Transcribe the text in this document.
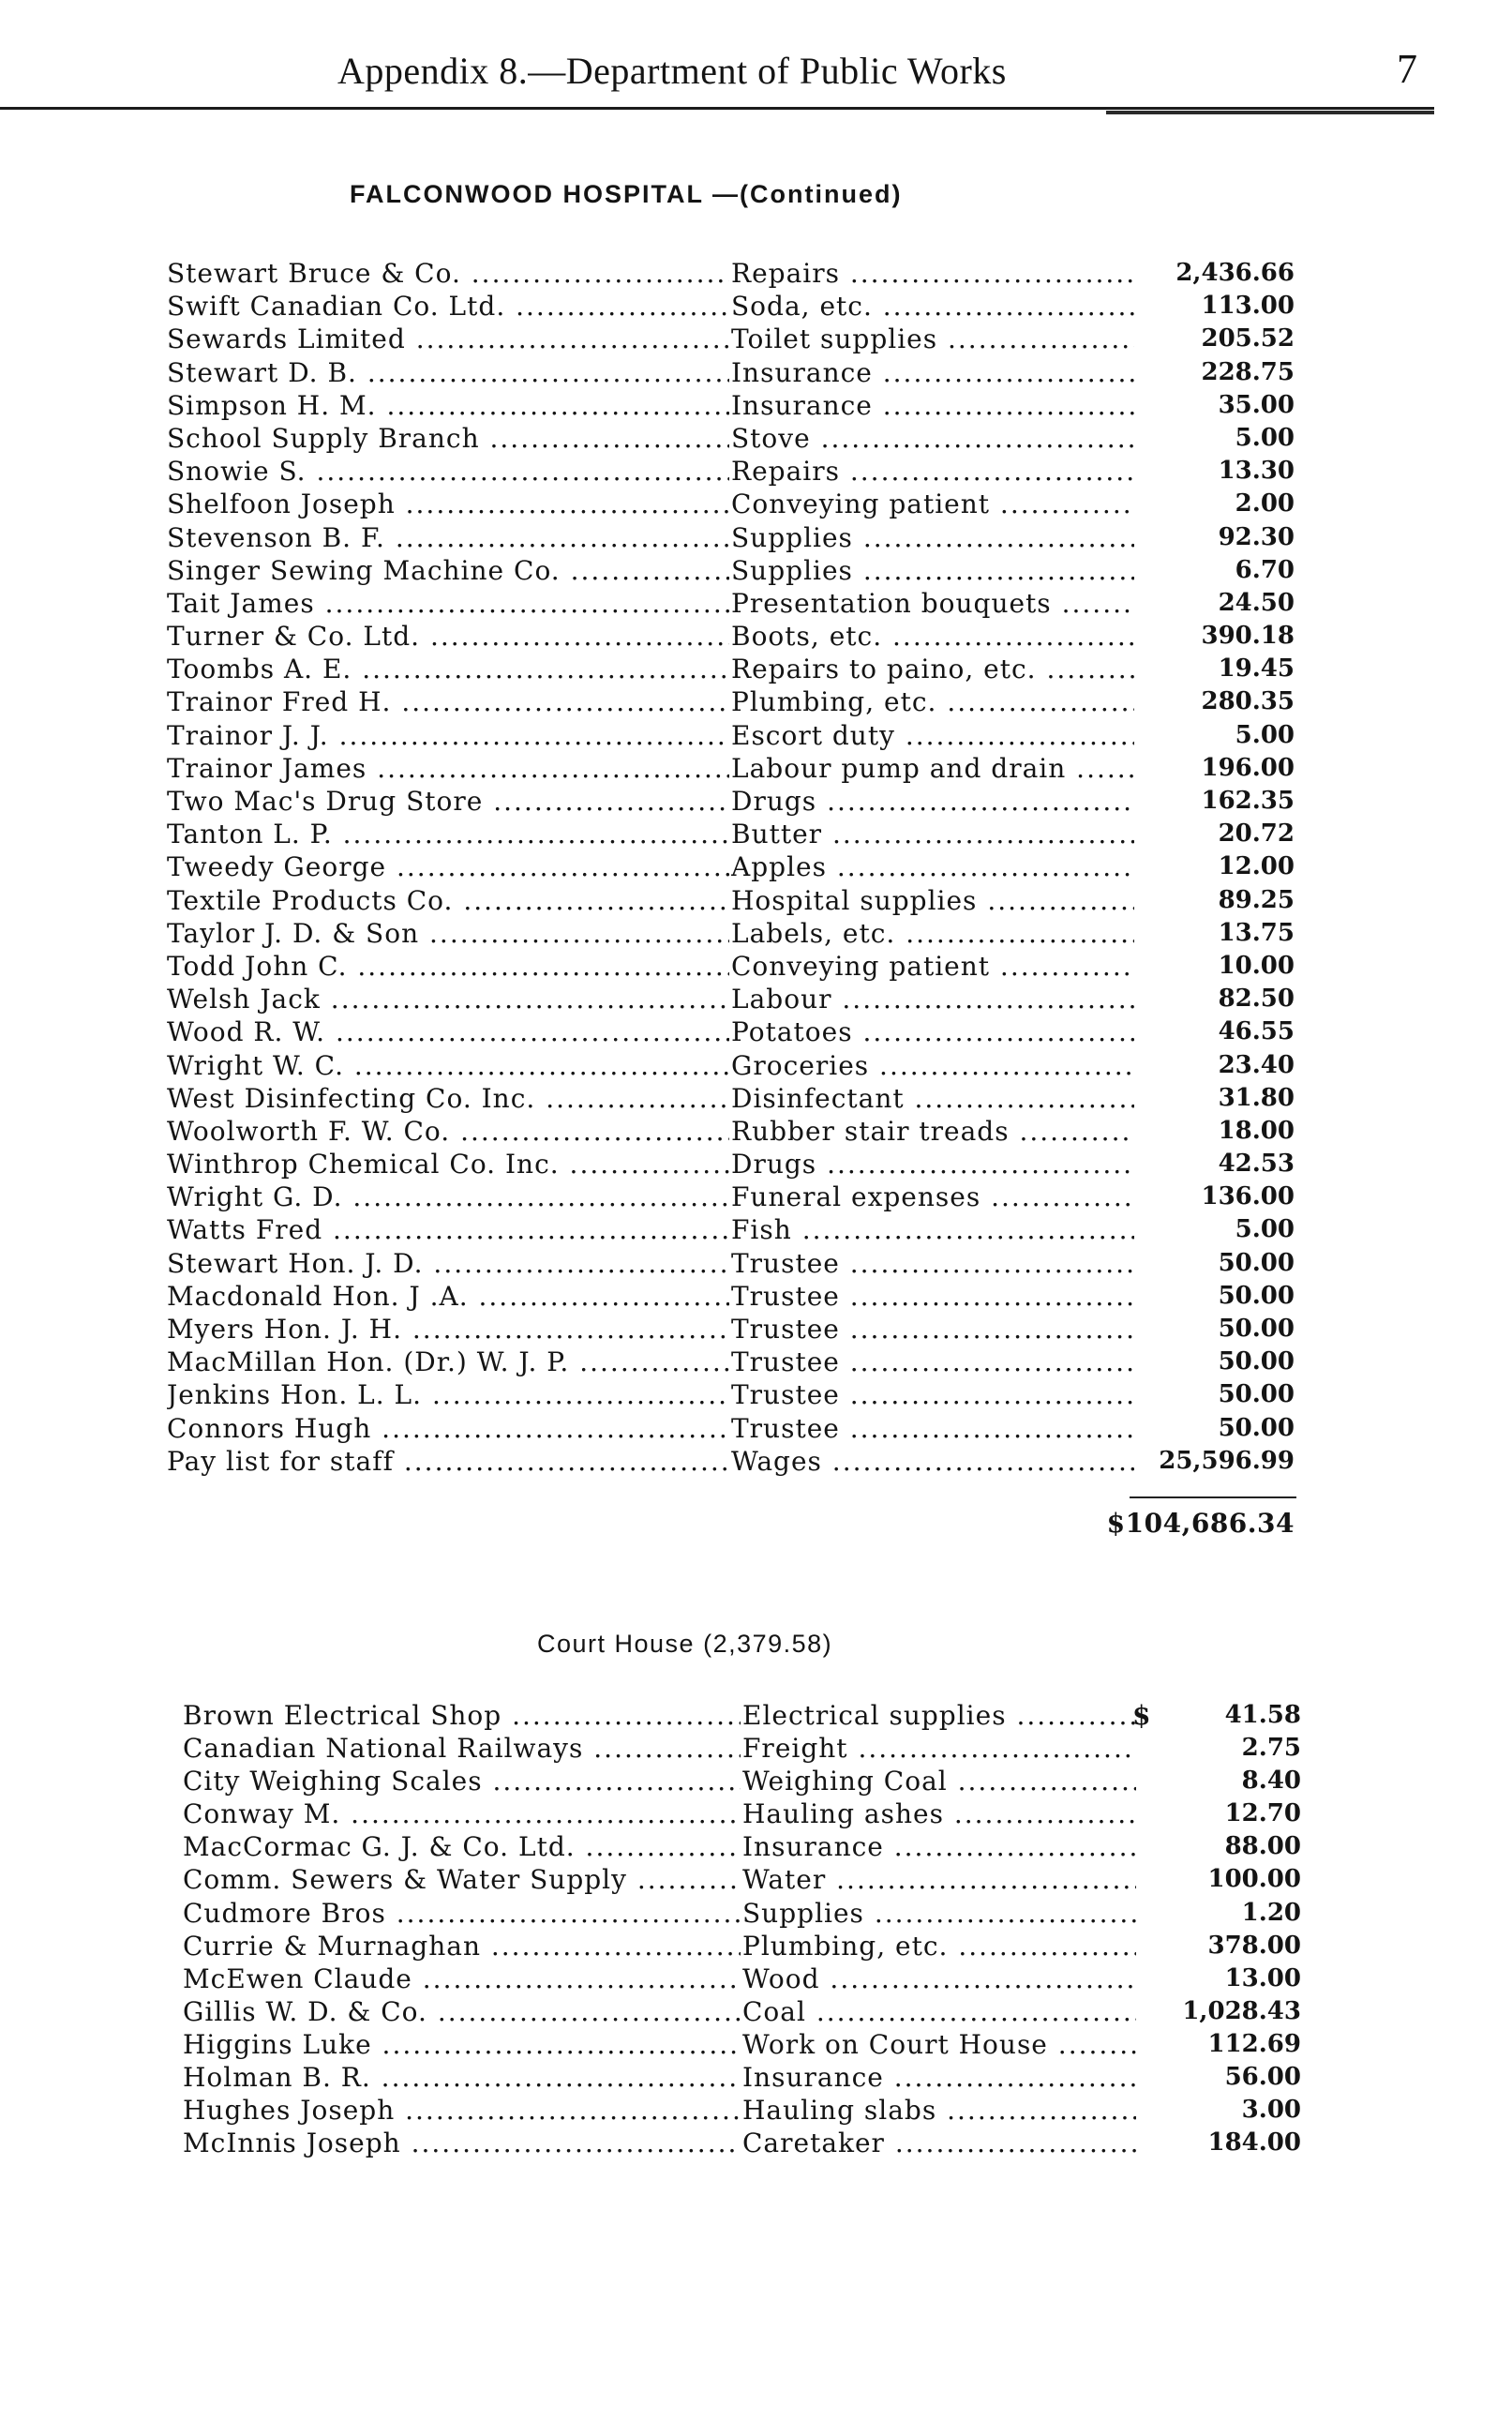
Appendix 8.—Department of Public Works	7
FALCONWOOD HOSPITAL —(Continued)
Stewart Bruce & Co. .....	Repairs .....	2,436.66
Swift Canadian Co. Ltd. .....	Soda, etc. .....	113.00
Sewards Limited .....	Toilet supplies .....	205.52
Stewart D. B. .....	Insurance .....	228.75
Simpson H. M. .....	Insurance .....	35.00
School Supply Branch .....	Stove .....	5.00
Snowie S. .....	Repairs .....	13.30
Shelfoon Joseph .....	Conveying patient .....	2.00
Stevenson B. F. .....	Supplies .....	92.30
Singer Sewing Machine Co. .....	Supplies .....	6.70
Tait James .....	Presentation bouquets .....	24.50
Turner & Co. Ltd. .....	Boots, etc. .....	390.18
Toombs A. E. .....	Repairs to paino, etc. .....	19.45
Trainor Fred H. .....	Plumbing, etc. .....	280.35
Trainor J. J. .....	Escort duty .....	5.00
Trainor James .....	Labour pump and drain .....	196.00
Two Mac's Drug Store .....	Drugs .....	162.35
Tanton L. P. .....	Butter .....	20.72
Tweedy George .....	Apples .....	12.00
Textile Products Co. .....	Hospital supplies .....	89.25
Taylor J. D. & Son .....	Labels, etc. .....	13.75
Todd John C. .....	Conveying patient .....	10.00
Welsh Jack .....	Labour .....	82.50
Wood R. W. .....	Potatoes .....	46.55
Wright W. C. .....	Groceries .....	23.40
West Disinfecting Co. Inc. .....	Disinfectant .....	31.80
Woolworth F. W. Co. .....	Rubber stair treads .....	18.00
Winthrop Chemical Co. Inc. .....	Drugs .....	42.53
Wright G. D. .....	Funeral expenses .....	136.00
Watts Fred .....	Fish .....	5.00
Stewart Hon. J. D. .....	Trustee .....	50.00
Macdonald Hon. J .A. .....	Trustee .....	50.00
Myers Hon. J. H. .....	Trustee .....	50.00
MacMillan Hon. (Dr.) W. J. P. .....	Trustee .....	50.00
Jenkins Hon. L. L. .....	Trustee .....	50.00
Connors Hugh .....	Trustee .....	50.00
Pay list for staff .....	Wages .....	25,596.99
$104,686.34
Court House (2,379.58)
$
Brown Electrical Shop .....	Electrical supplies .....	41.58
Canadian National Railways .....	Freight .....	2.75
City Weighing Scales .....	Weighing Coal .....	8.40
Conway M. .....	Hauling ashes .....	12.70
MacCormac G. J. & Co. Ltd. .....	Insurance .....	88.00
Comm. Sewers & Water Supply .....	Water .....	100.00
Cudmore Bros .....	Supplies .....	1.20
Currie & Murnaghan .....	Plumbing, etc. .....	378.00
McEwen Claude .....	Wood .....	13.00
Gillis W. D. & Co. .....	Coal .....	1,028.43
Higgins Luke .....	Work on Court House .....	112.69
Holman B. R. .....	Insurance .....	56.00
Hughes Joseph .....	Hauling slabs .....	3.00
McInnis Joseph .....	Caretaker .....	184.00
